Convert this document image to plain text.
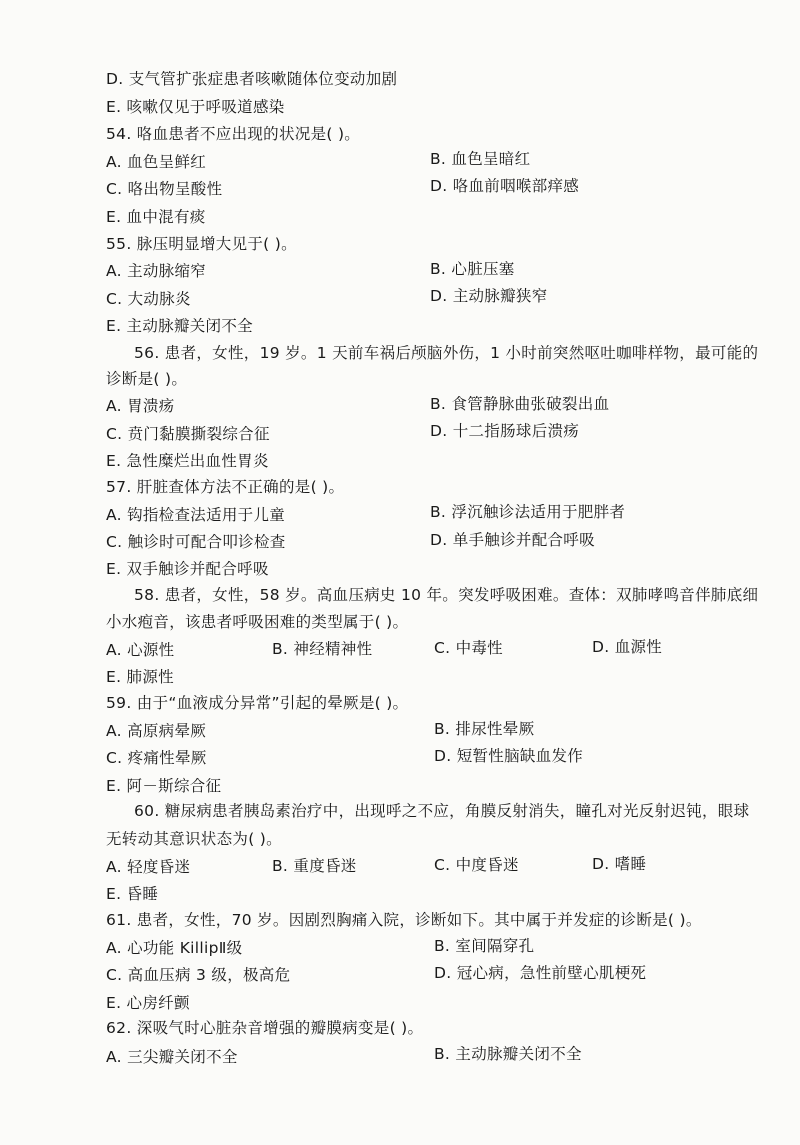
D. 支气管扩张症患者咳嗽随体位变动加剧
E. 咳嗽仅见于呼吸道感染
54. 咯血患者不应出现的状况是( )。
A. 血色呈鲜红	B. 血色呈暗红
C. 咯出物呈酸性	D. 咯血前咽喉部痒感
E. 血中混有痰
55. 脉压明显增大见于( )。
A. 主动脉缩窄	B. 心脏压塞
C. 大动脉炎	D. 主动脉瓣狭窄
E. 主动脉瓣关闭不全
56. 患者，女性，19 岁。1 天前车祸后颅脑外伤，1 小时前突然呕吐咖啡样物，最可能的
诊断是( )。
A. 胃溃疡	B. 食管静脉曲张破裂出血
C. 贲门黏膜撕裂综合征	D. 十二指肠球后溃疡
E. 急性糜烂出血性胃炎
57. 肝脏查体方法不正确的是( )。
A. 钩指检查法适用于儿童	B. 浮沉触诊法适用于肥胖者
C. 触诊时可配合叩诊检查	D. 单手触诊并配合呼吸
E. 双手触诊并配合呼吸
58. 患者，女性，58 岁。高血压病史 10 年。突发呼吸困难。查体：双肺哮鸣音伴肺底细
小水疱音，该患者呼吸困难的类型属于( )。
A. 心源性	B. 神经精神性	C. 中毒性	D. 血源性
E. 肺源性
59. 由于“血液成分异常”引起的晕厥是( )。
A. 高原病晕厥	B. 排尿性晕厥
C. 疼痛性晕厥	D. 短暂性脑缺血发作
E. 阿－斯综合征
60. 糖尿病患者胰岛素治疗中，出现呼之不应，角膜反射消失，瞳孔对光反射迟钝，眼球
无转动其意识状态为( )。
A. 轻度昏迷	B. 重度昏迷	C. 中度昏迷	D. 嗜睡
E. 昏睡
61. 患者，女性，70 岁。因剧烈胸痛入院，诊断如下。其中属于并发症的诊断是( )。
A. 心功能 KillipⅡ级	B. 室间隔穿孔
C. 高血压病 3 级，极高危	D. 冠心病，急性前壁心肌梗死
E. 心房纤颤
62. 深吸气时心脏杂音增强的瓣膜病变是( )。
A. 三尖瓣关闭不全	B. 主动脉瓣关闭不全
